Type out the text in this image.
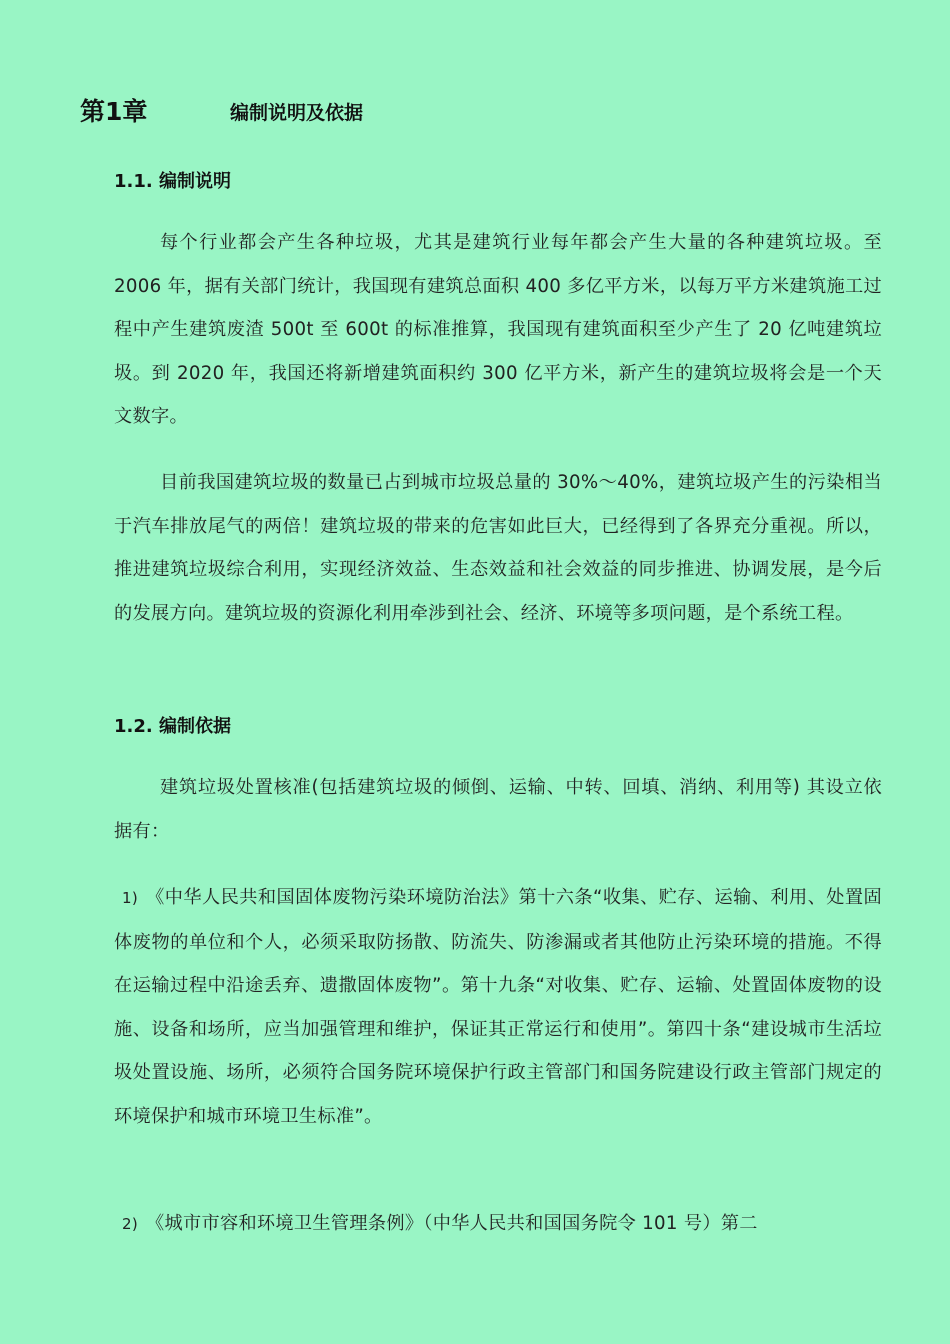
第1章	编制说明及依据
1.1. 编制说明
每个行业都会产生各种垃圾，尤其是建筑行业每年都会产生大量的各种建筑垃圾。至 2006 年，据有关部门统计，我国现有建筑总面积 400 多亿平方米，以每万平方米建筑施工过程中产生建筑废渣 500t 至 600t 的标准推算，我国现有建筑面积至少产生了 20 亿吨建筑垃圾。到 2020 年，我国还将新增建筑面积约 300 亿平方米，新产生的建筑垃圾将会是一个天文数字。
目前我国建筑垃圾的数量已占到城市垃圾总量的 30%～40%，建筑垃圾产生的污染相当于汽车排放尾气的两倍！建筑垃圾的带来的危害如此巨大，已经得到了各界充分重视。所以，推进建筑垃圾综合利用，实现经济效益、生态效益和社会效益的同步推进、协调发展，是今后的发展方向。建筑垃圾的资源化利用牵涉到社会、经济、环境等多项问题，是个系统工程。
1.2. 编制依据
建筑垃圾处置核准(包括建筑垃圾的倾倒、运输、中转、回填、消纳、利用等) 其设立依据有：
1) 《中华人民共和国固体废物污染环境防治法》第十六条“收集、贮存、运输、利用、处置固体废物的单位和个人，必须采取防扬散、防流失、防渗漏或者其他防止污染环境的措施。不得在运输过程中沿途丢弃、遗撒固体废物”。第十九条“对收集、贮存、运输、处置固体废物的设施、设备和场所，应当加强管理和维护，保证其正常运行和使用”。第四十条“建设城市生活垃圾处置设施、场所，必须符合国务院环境保护行政主管部门和国务院建设行政主管部门规定的环境保护和城市环境卫生标准”。
2) 《城市市容和环境卫生管理条例》（中华人民共和国国务院令 101 号）第二
